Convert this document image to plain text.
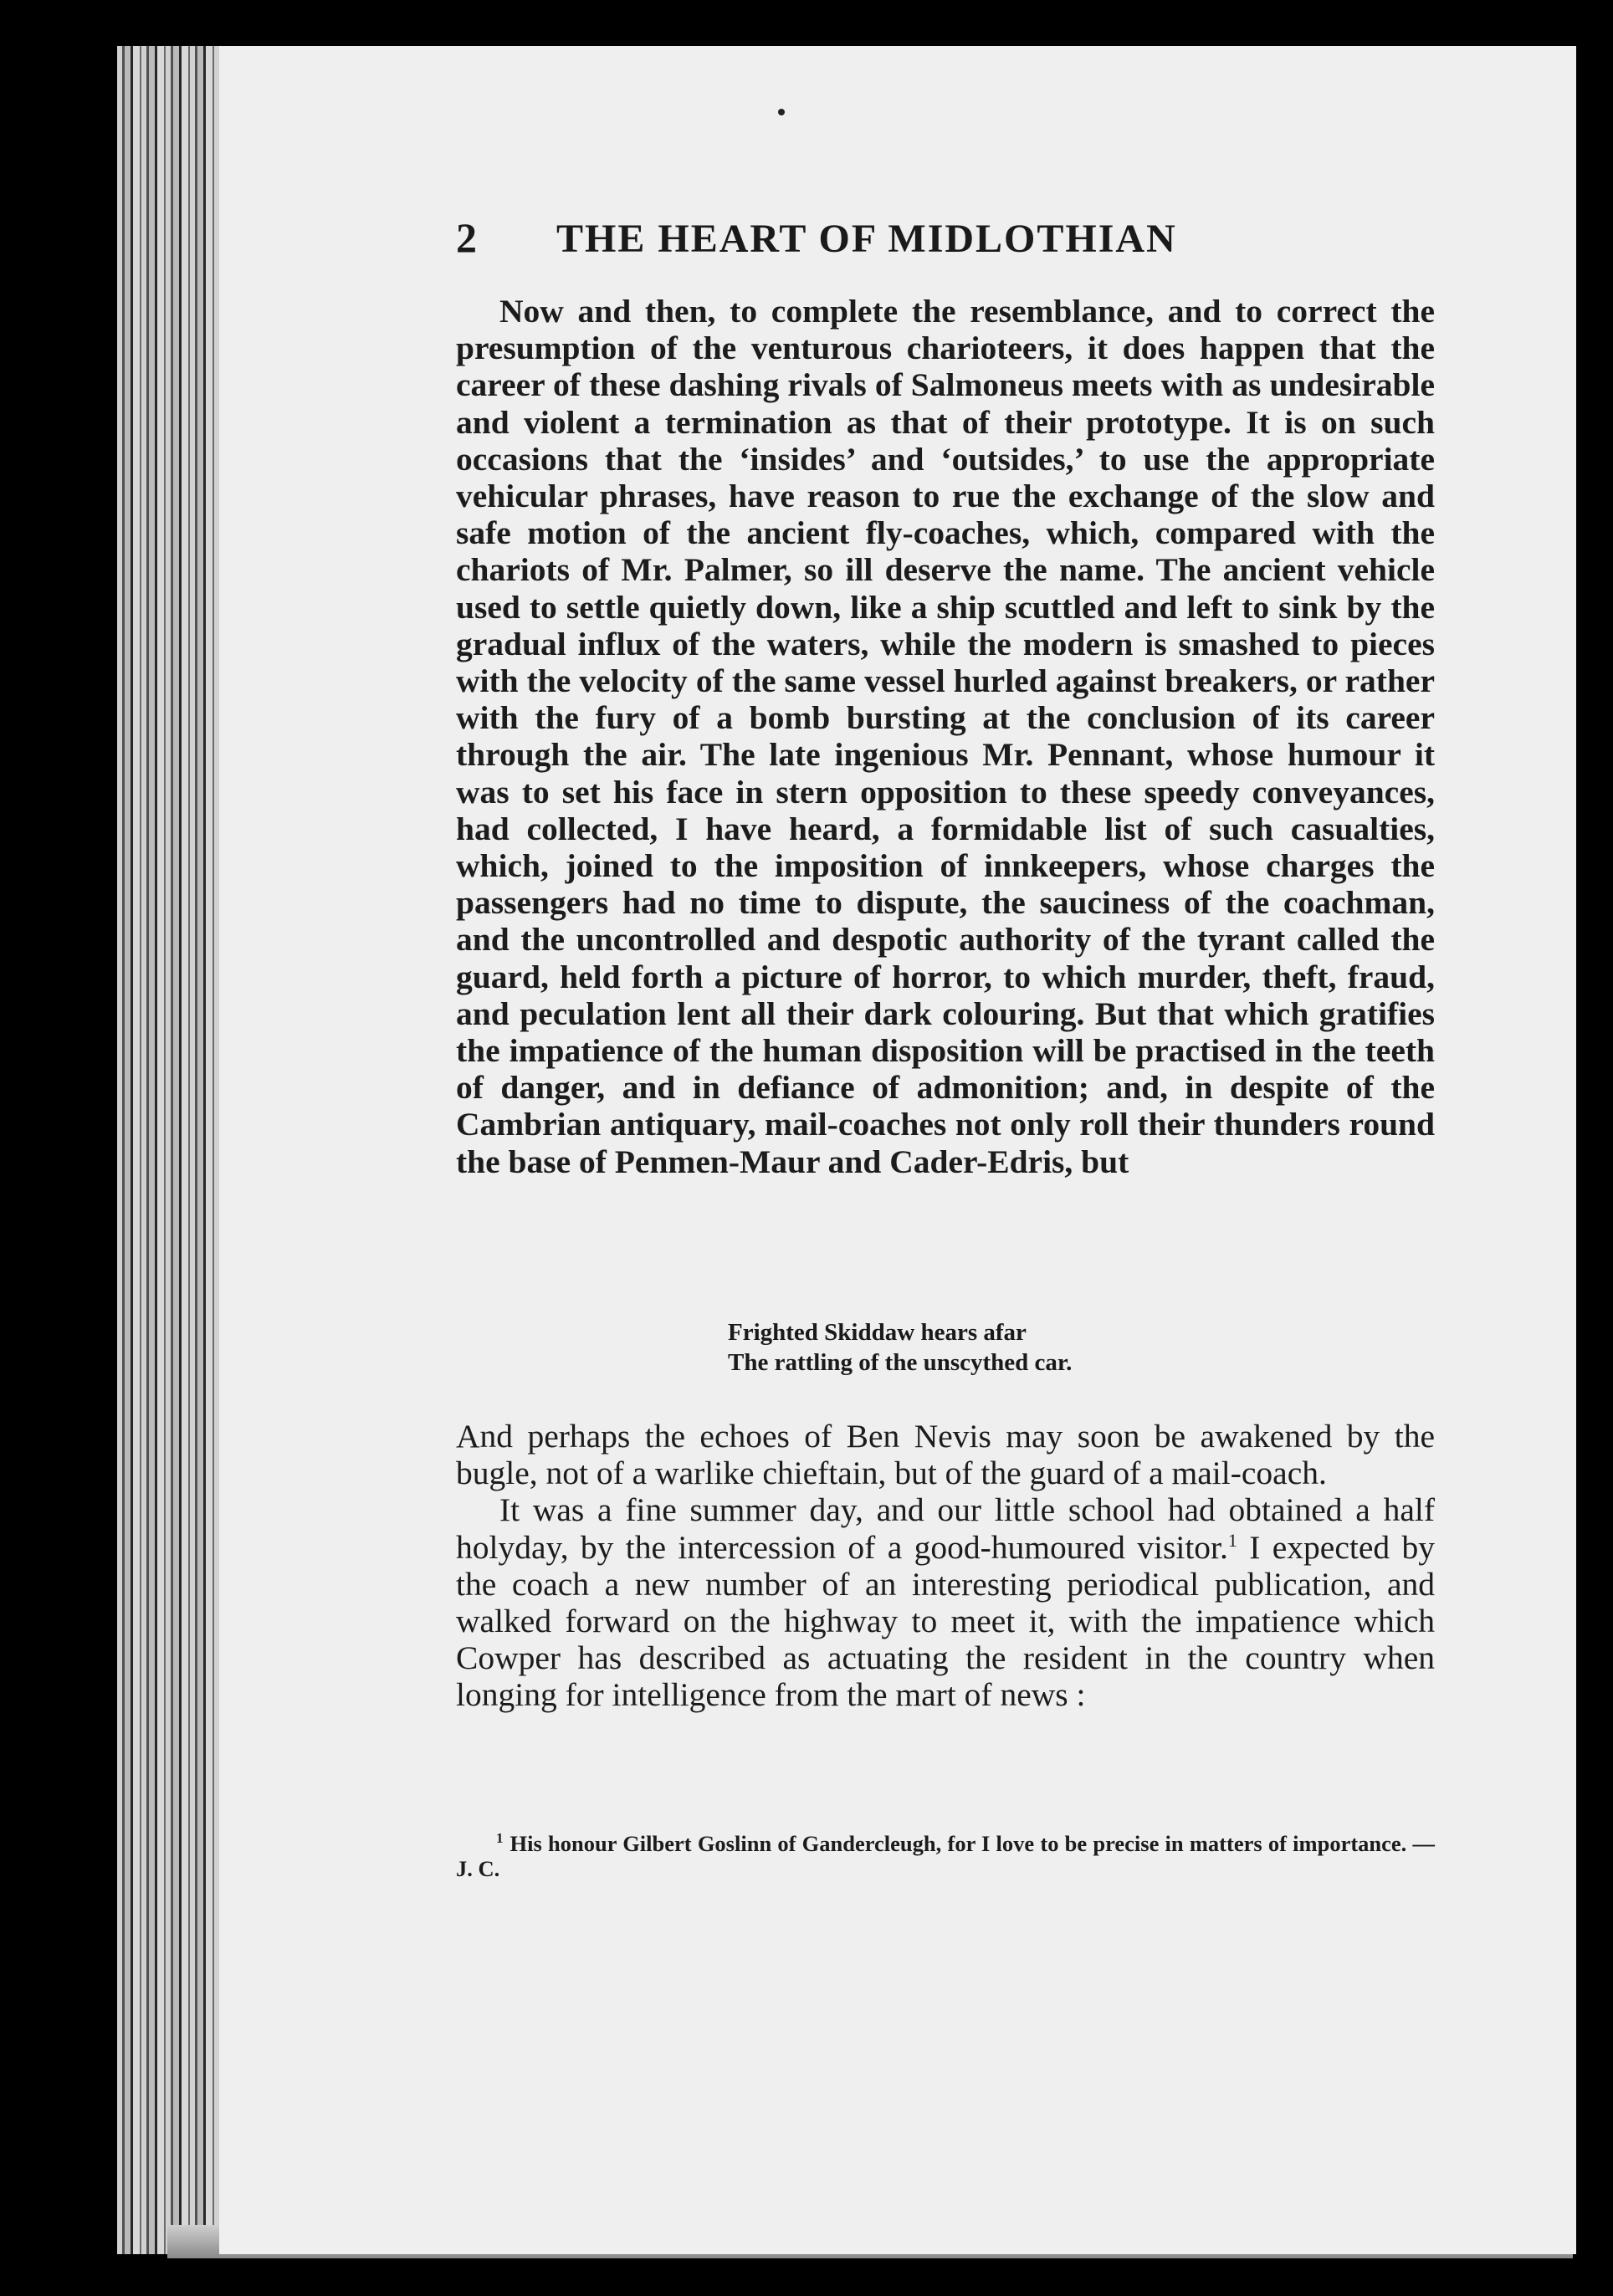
2	THE HEART OF MIDLOTHIAN

Now and then, to complete the resemblance, and to correct the presumption of the venturous charioteers, it does happen that the career of these dashing rivals of Salmoneus meets with as undesirable and violent a termination as that of their prototype. It is on such occasions that the ‘insides’ and ‘outsides,’ to use the appropriate vehicular phrases, have reason to rue the exchange of the slow and safe motion of the ancient fly-coaches, which, compared with the chariots of Mr. Palmer, so ill deserve the name. The ancient vehicle used to settle quietly down, like a ship scuttled and left to sink by the gradual influx of the waters, while the modern is smashed to pieces with the velocity of the same vessel hurled against breakers, or rather with the fury of a bomb bursting at the conclusion of its career through the air. The late ingenious Mr. Pennant, whose humour it was to set his face in stern opposition to these speedy conveyances, had collected, I have heard, a formidable list of such casualties, which, joined to the imposition of innkeepers, whose charges the passengers had no time to dispute, the sauciness of the coachman, and the uncontrolled and despotic authority of the tyrant called the guard, held forth a picture of horror, to which murder, theft, fraud, and peculation lent all their dark colouring. But that which gratifies the impatience of the human disposition will be practised in the teeth of danger, and in defiance of admonition; and, in despite of the Cambrian antiquary, mail-coaches not only roll their thunders round the base of Penmen-Maur and Cader-Edris, but

Frighted Skiddaw hears afar
The rattling of the unscythed car.

And perhaps the echoes of Ben Nevis may soon be awakened by the bugle, not of a warlike chieftain, but of the guard of a mail-coach.

It was a fine summer day, and our little school had obtained a half holyday, by the intercession of a good-humoured visitor.$^1$ I expected by the coach a new number of an interesting periodical publication, and walked forward on the highway to meet it, with the impatience which Cowper has described as actuating the resident in the country when longing for intelligence from the mart of news :

$^1$ His honour Gilbert Goslinn of Gandercleugh, for I love to be precise in matters of importance. — J. C.
